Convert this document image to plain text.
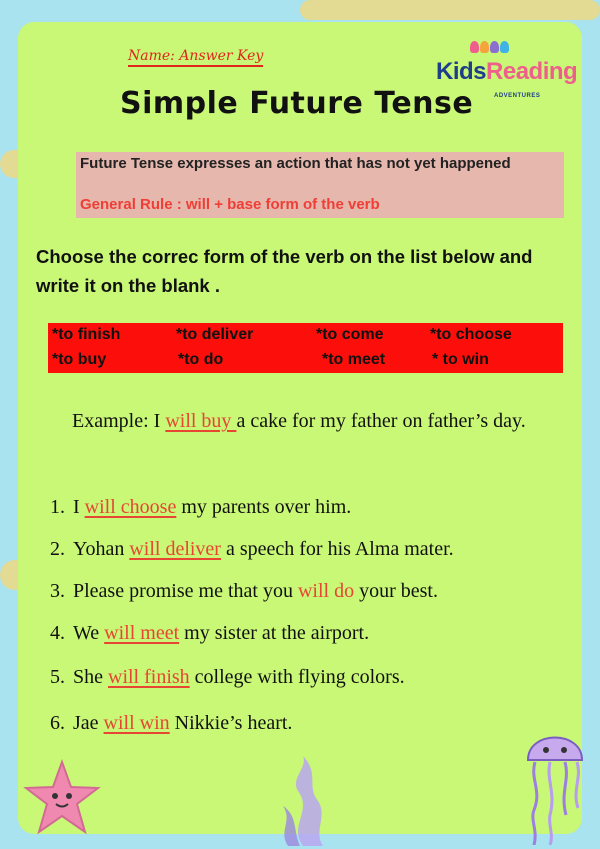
Name: Answer Key
KidsReading
ADVENTURES
Simple Future Tense
Future Tense expresses an action that has not yet happened
General Rule : will + base form of the verb
Choose the correc form of the verb on the list below and write it on the blank .
*to finish	*to deliver	*to come	*to choose
*to buy	*to do	*to meet	* to win
Example: I will buy a cake for my father on father’s day.
1. I will choose my parents over him.
2. Yohan will deliver a speech for his Alma mater.
3. Please promise me that you will do your best.
4. We will meet my sister at the airport.
5. She will finish college with flying colors.
6. Jae will win Nikkie’s heart.
